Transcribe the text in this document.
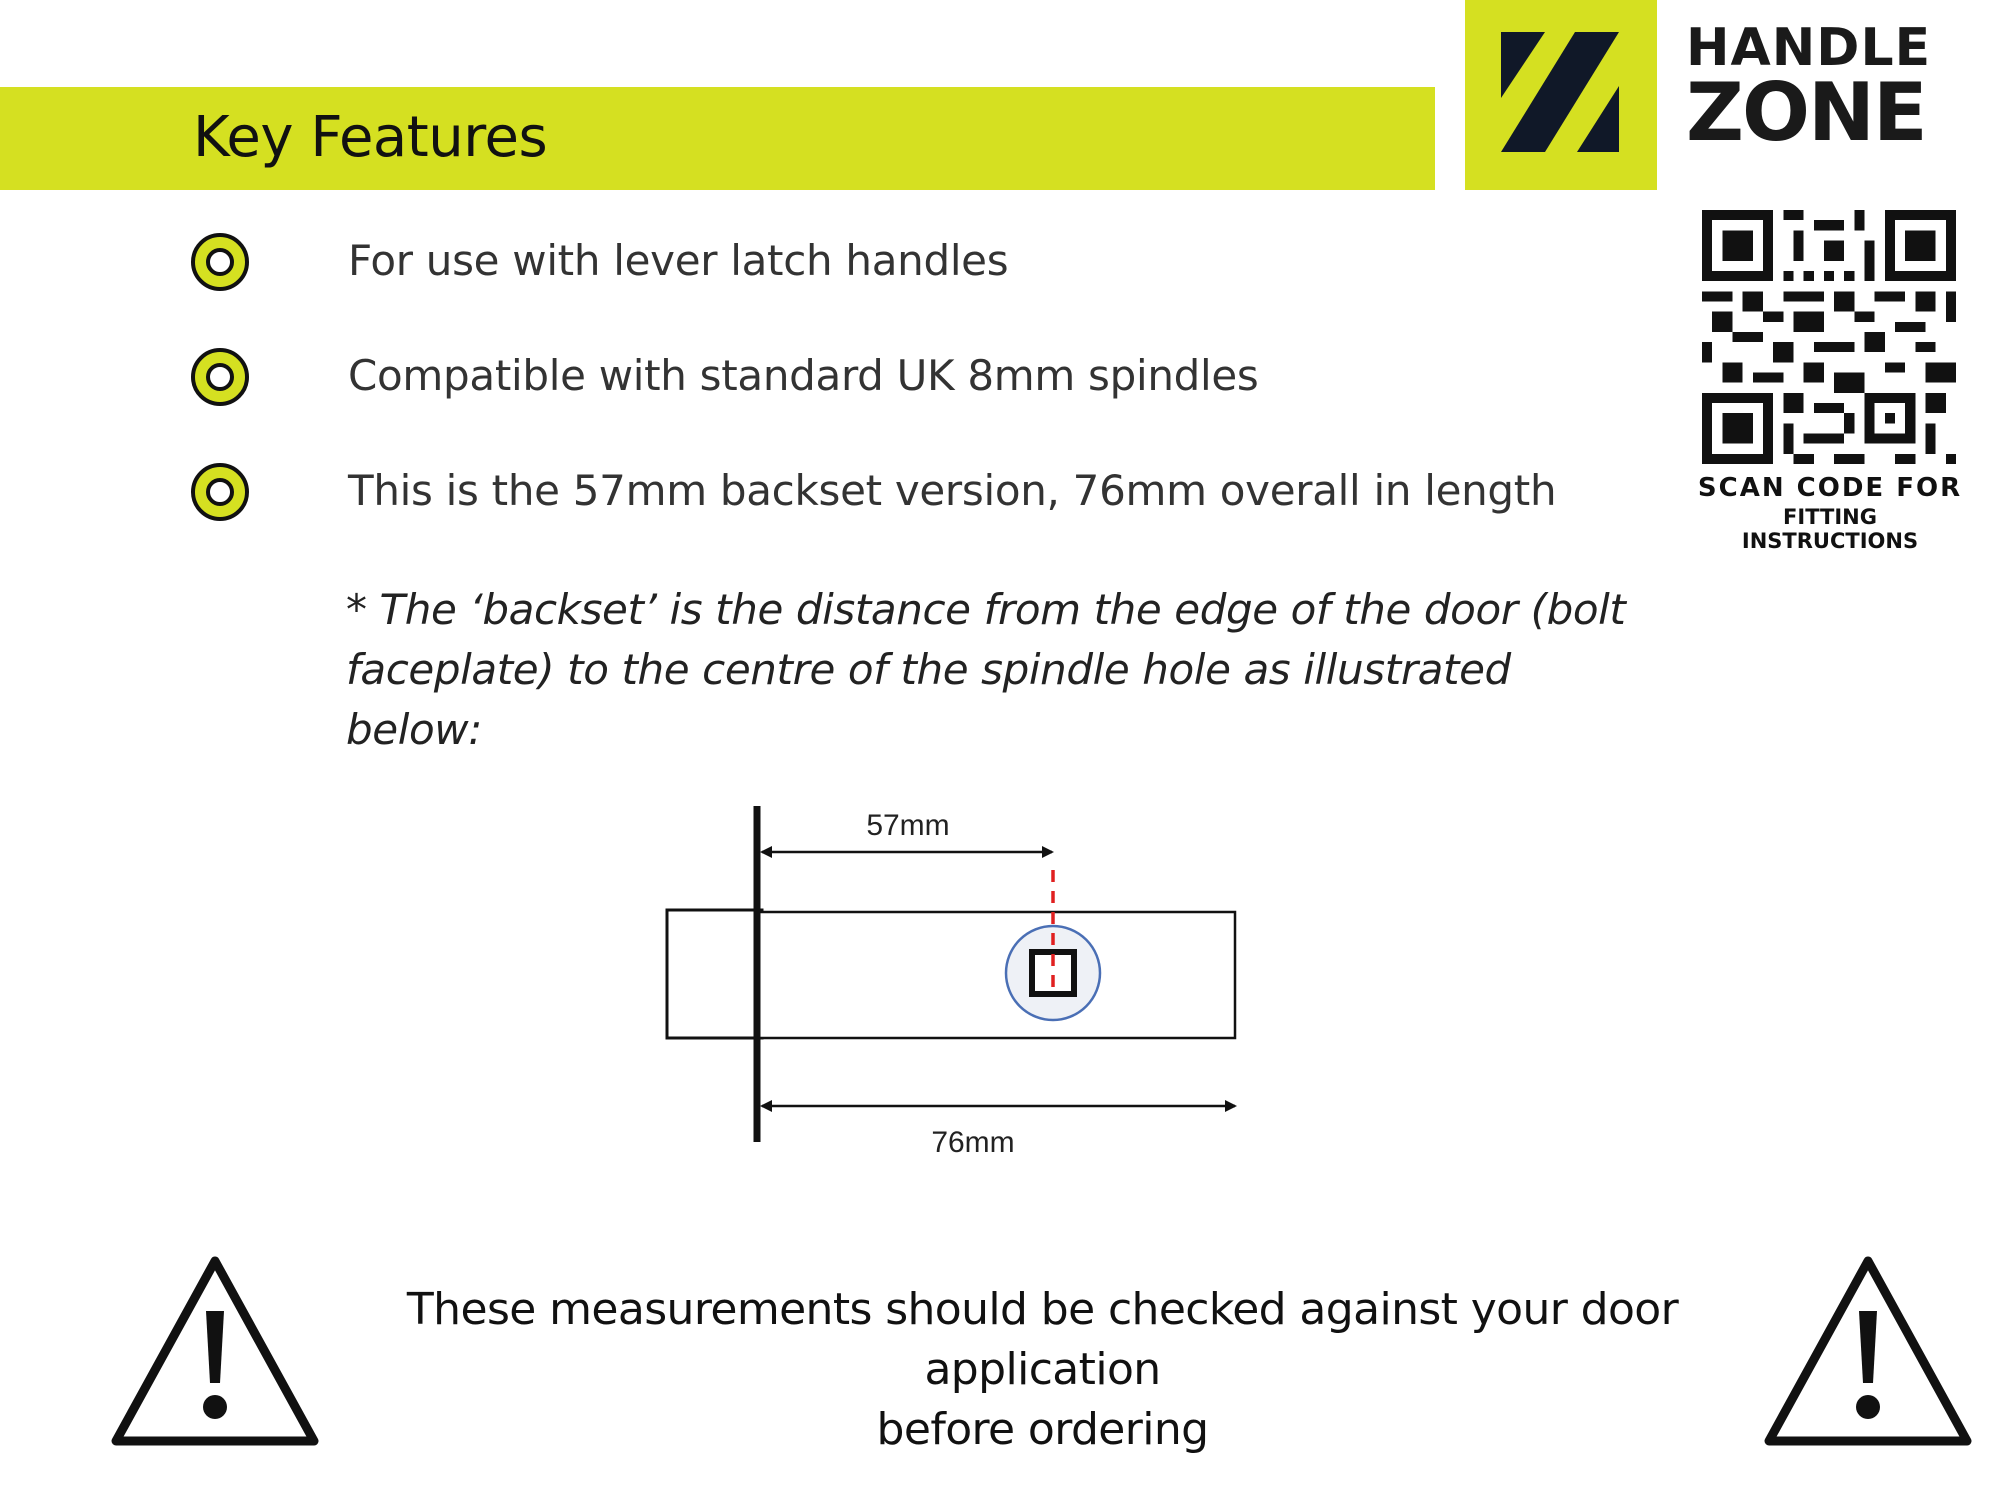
Key Features
HANDLE
ZONE
SCAN CODE FOR
FITTING INSTRUCTIONS
For use with lever latch handles
Compatible with standard UK 8mm spindles
This is the 57mm backset version, 76mm overall in length
* The ‘backset’ is the distance from the edge of the door (bolt
faceplate) to the centre of the spindle hole as illustrated below:
57mm
76mm
These measurements should be checked against your door application
before ordering
